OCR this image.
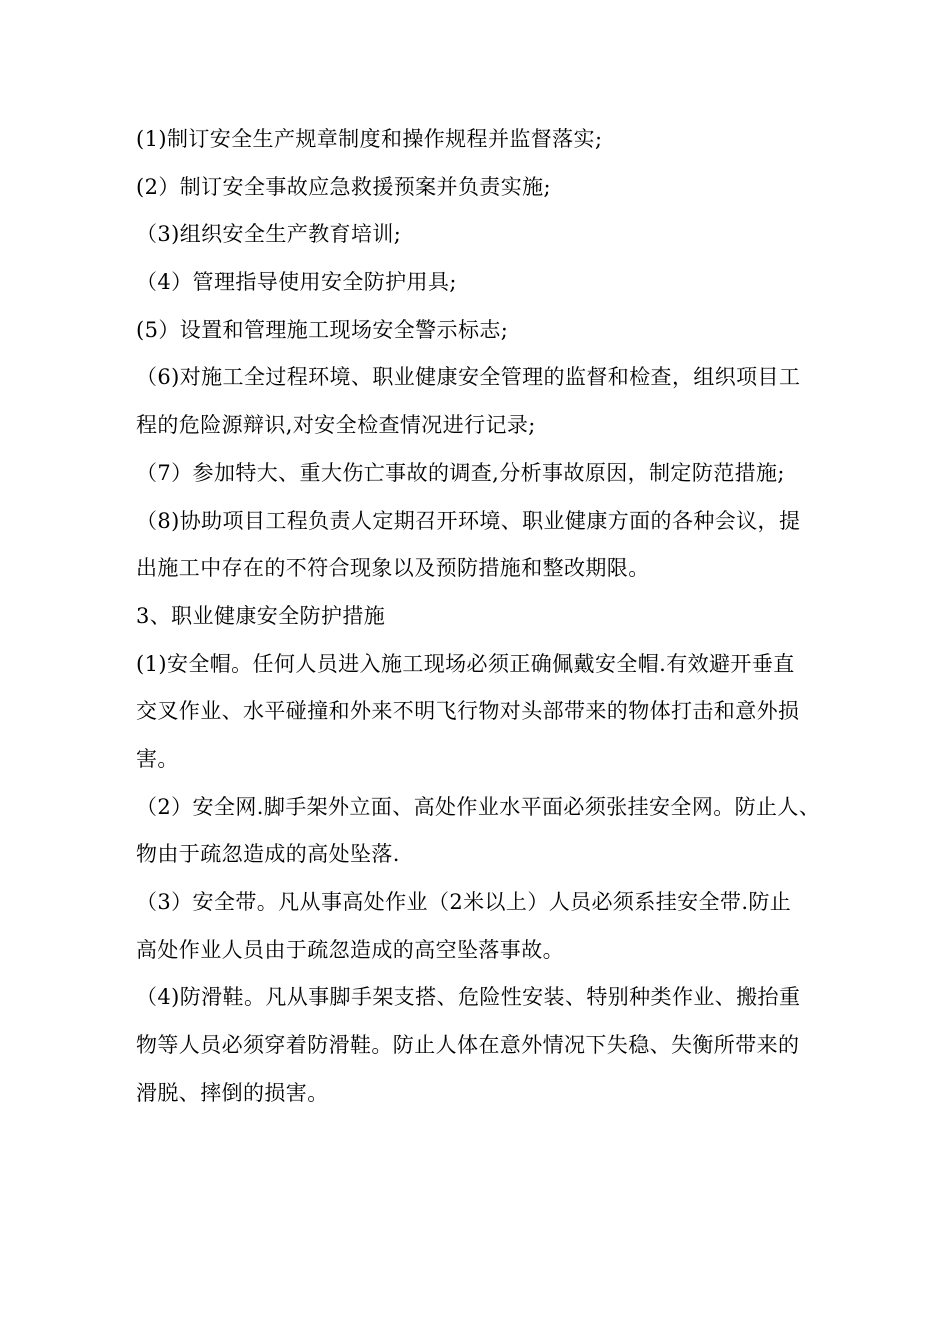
(1)制订安全生产规章制度和操作规程并监督落实;

(2）制订安全事故应急救援预案并负责实施;

（3)组织安全生产教育培训;

（4）管理指导使用安全防护用具;

(5）设置和管理施工现场安全警示标志;

（6)对施工全过程环境、职业健康安全管理的监督和检查，组织项目工

程的危险源辩识,对安全检查情况进行记录;

（7）参加特大、重大伤亡事故的调查,分析事故原因，制定防范措施;

（8)协助项目工程负责人定期召开环境、职业健康方面的各种会议，提

出施工中存在的不符合现象以及预防措施和整改期限。

3、职业健康安全防护措施

(1)安全帽。任何人员进入施工现场必须正确佩戴安全帽.有效避开垂直

交叉作业、水平碰撞和外来不明飞行物对头部带来的物体打击和意外损

害。

（2）安全网.脚手架外立面、高处作业水平面必须张挂安全网。防止人、

物由于疏忽造成的高处坠落.

（3）安全带。凡从事高处作业（2米以上）人员必须系挂安全带.防止

高处作业人员由于疏忽造成的高空坠落事故。

（4)防滑鞋。凡从事脚手架支搭、危险性安装、特别种类作业、搬抬重

物等人员必须穿着防滑鞋。防止人体在意外情况下失稳、失衡所带来的

滑脱、摔倒的损害。
